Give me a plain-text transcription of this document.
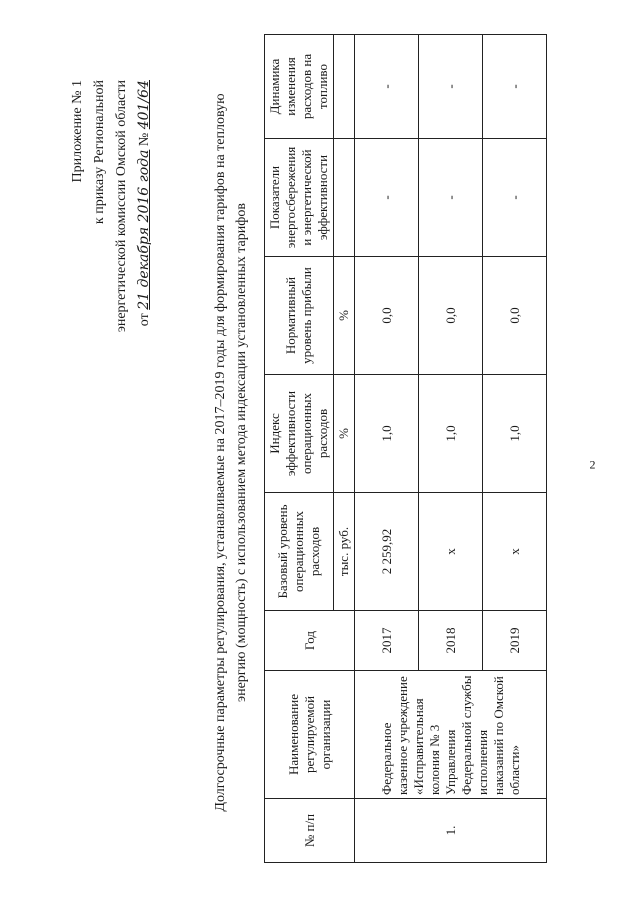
2
Приложение № 1 к приказу Региональной энергетической комиссии Омской области от 21 декабря 2016 года № 401/64	Долгосрочные параметры регулирования, устанавливаемые на 2017–2019 годы для формирования тарифов на тепловую энергию (мощность) с использованием метода индексации установленных тарифов
№ п/п	Наименование регулируемой организации	Год	Базовый уровень операционных расходов	Индекс эффективности операционных расходов	Нормативный уровень прибыли	Показатели энергосбережения и энергетической эффективности	Динамика изменения расходов на топливо
			тыс. руб.	%	%		
1.	Федеральное казенное учреждение «Исправительная колония № 3 Управления Федеральной службы исполнения наказаний по Омской области»	2017	2 259,92	1,0	0,0	-	-
		2018	х	1,0	0,0	-	-
		2019	х	1,0	0,0	-	-
